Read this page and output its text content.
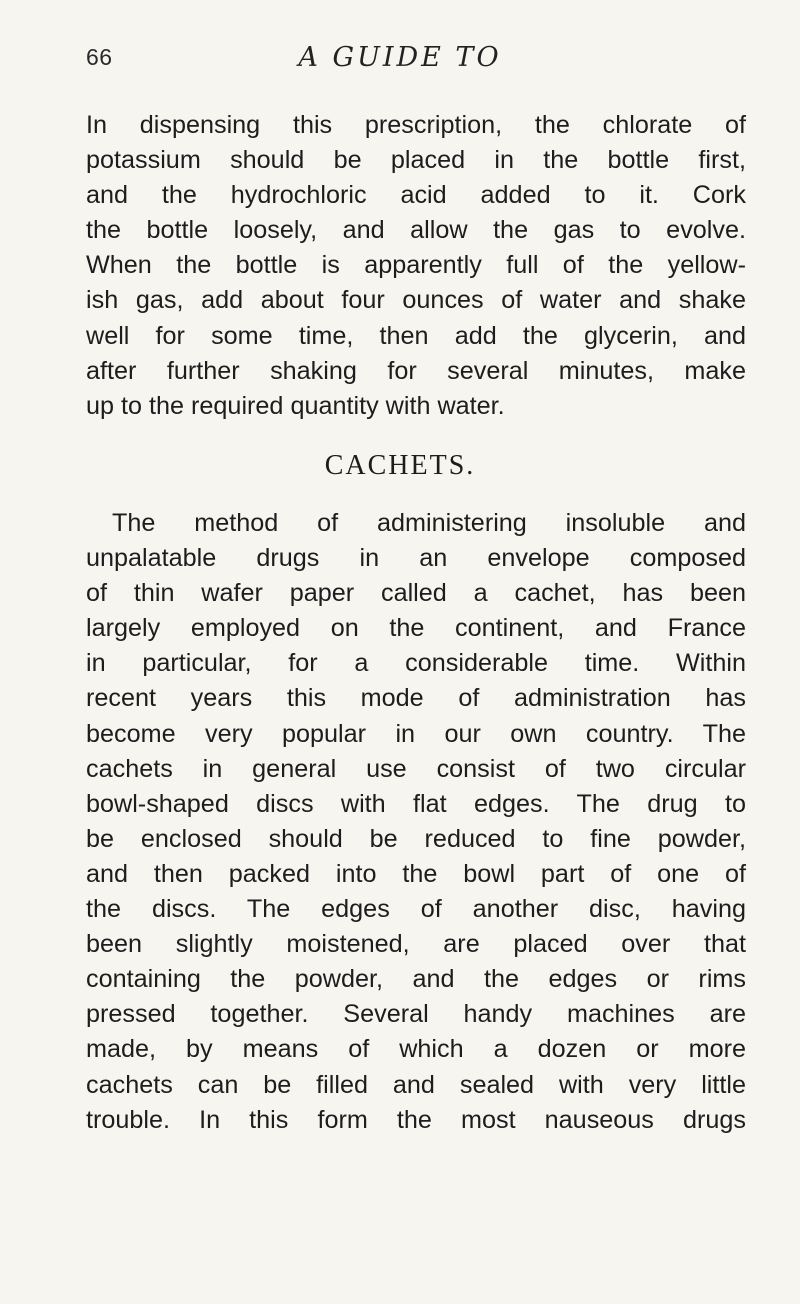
66	A GUIDE TO
In dispensing this prescription, the chlorate of
potassium should be placed in the bottle first,
and the hydrochloric acid added to it. Cork
the bottle loosely, and allow the gas to evolve.
When the bottle is apparently full of the yellow-
ish gas, add about four ounces of water and shake
well for some time, then add the glycerin, and
after further shaking for several minutes, make
up to the required quantity with water.
CACHETS.
The method of administering insoluble and
unpalatable drugs in an envelope composed
of thin wafer paper called a cachet, has been
largely employed on the continent, and France
in particular, for a considerable time. Within
recent years this mode of administration has
become very popular in our own country. The
cachets in general use consist of two circular
bowl-shaped discs with flat edges. The drug to
be enclosed should be reduced to fine powder,
and then packed into the bowl part of one of
the discs. The edges of another disc, having
been slightly moistened, are placed over that
containing the powder, and the edges or rims
pressed together. Several handy machines are
made, by means of which a dozen or more
cachets can be filled and sealed with very little
trouble. In this form the most nauseous drugs
